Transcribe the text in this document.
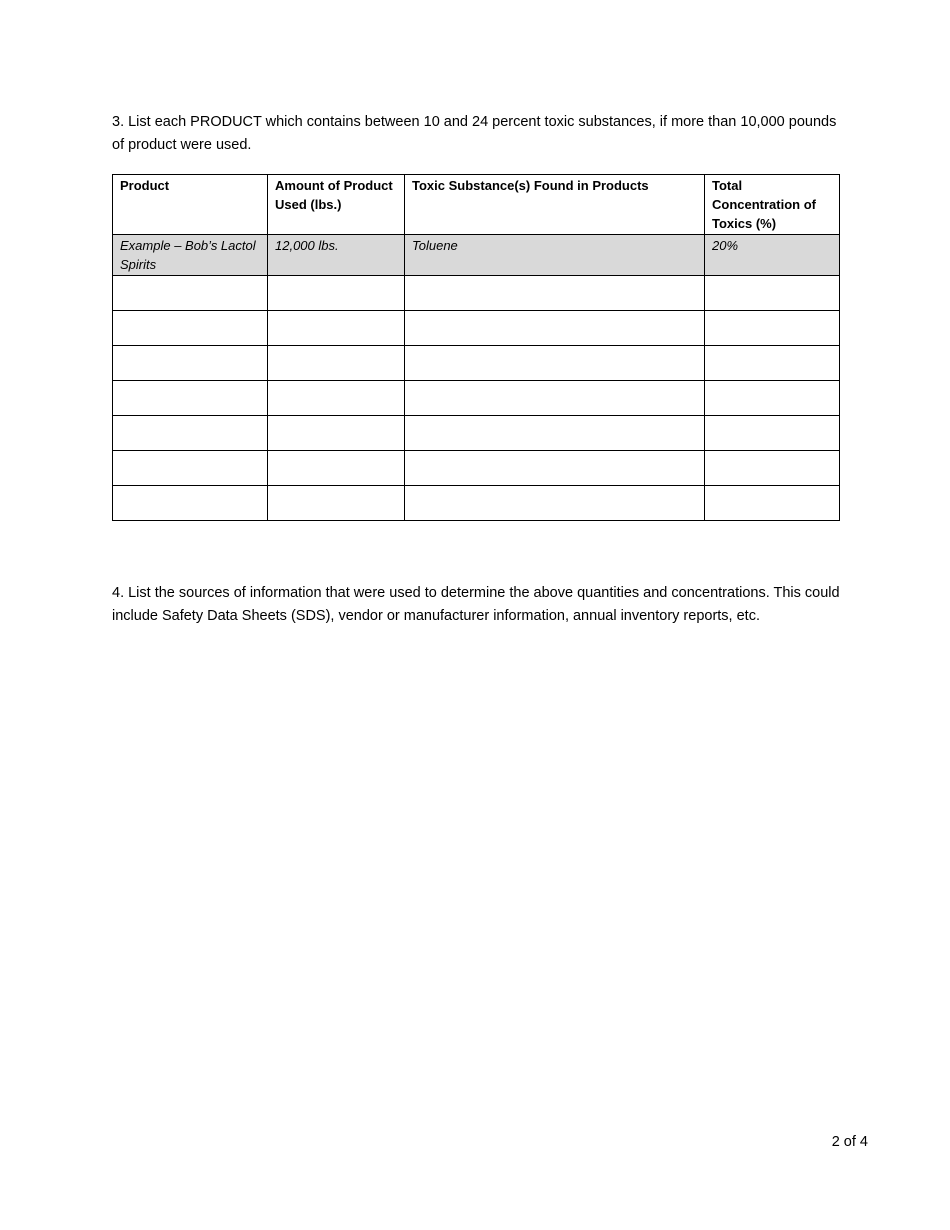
3. List each PRODUCT which contains between 10 and 24 percent toxic substances, if more than 10,000 pounds of product were used.

Product	Amount of Product Used (lbs.)	Toxic Substance(s) Found in Products	Total Concentration of Toxics (%)
Example – Bob’s Lactol Spirits	12,000 lbs.	Toluene	20%

4. List the sources of information that were used to determine the above quantities and concentrations. This could include Safety Data Sheets (SDS), vendor or manufacturer information, annual inventory reports, etc.

2 of 4
